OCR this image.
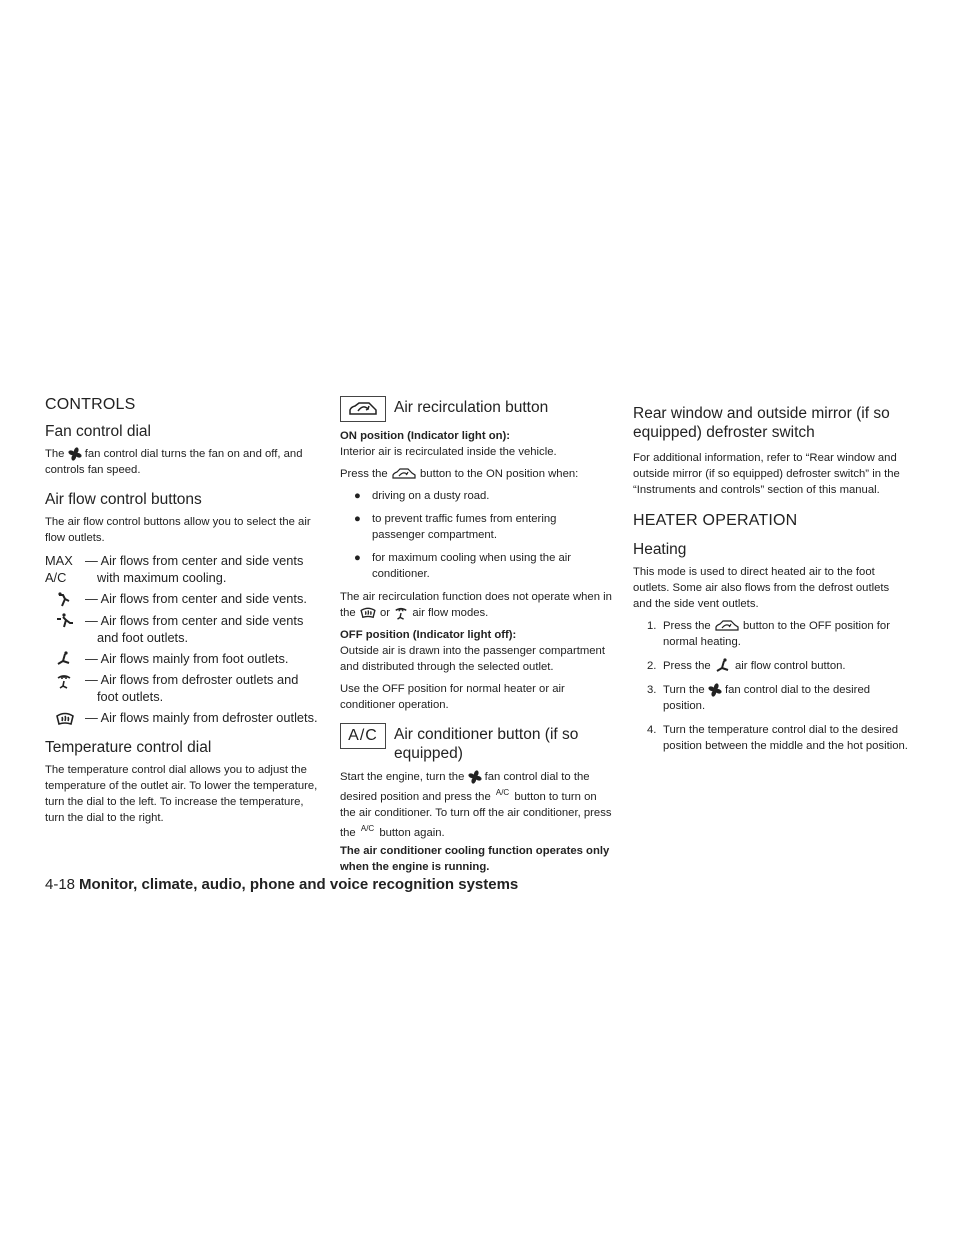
CONTROLS
Fan control dial

The fan control dial turns the fan on and off, and controls fan speed.

Air flow control buttons

The air flow control buttons allow you to select the air flow outlets.

MAX
A/C
— Air flows from center and side vents with maximum cooling.
— Air flows from center and side vents.
— Air flows from center and side vents and foot outlets.
— Air flows mainly from foot outlets.
— Air flows from defroster outlets and foot outlets.
— Air flows mainly from defroster outlets.
Temperature control dial

The temperature control dial allows you to adjust the temperature of the outlet air. To lower the temperature, turn the dial to the left. To increase the temperature, turn the dial to the right.

Air recirculation button

ON position (Indicator light on):

Interior air is recirculated inside the vehicle.

Press the	button to the ON position when:

● driving on a dusty road.
● to prevent traffic fumes from entering passenger compartment.
● for maximum cooling when using the air conditioner.

The air recirculation function does not operate when in the or air flow modes.

OFF position (Indicator light off):

Outside air is drawn into the passenger compartment and distributed through the selected outlet.

Use the OFF position for normal heater or air conditioner operation.

A/C	Air conditioner button (if so equipped)

Start the engine, turn the fan control dial to the desired position and press the $^{A/C}$ button to turn on the air conditioner. To turn off the air conditioner, press the $^{A/C}$ button again.

The air conditioner cooling function operates only when the engine is running.

Rear window and outside mirror (if so equipped) defroster switch

For additional information, refer to “Rear window and outside mirror (if so equipped) defroster switch” in the “Instruments and controls” section of this manual.

HEATER OPERATION
Heating

This mode is used to direct heated air to the foot outlets. Some air also flows from the defrost outlets and the side vent outlets.

1. Press the	button to the OFF position for normal heating.
2. Press the air flow control button.
3. Turn the fan control dial to the desired position.
4. Turn the temperature control dial to the desired position between the middle and the hot position.
4-18 Monitor, climate, audio, phone and voice recognition systems
